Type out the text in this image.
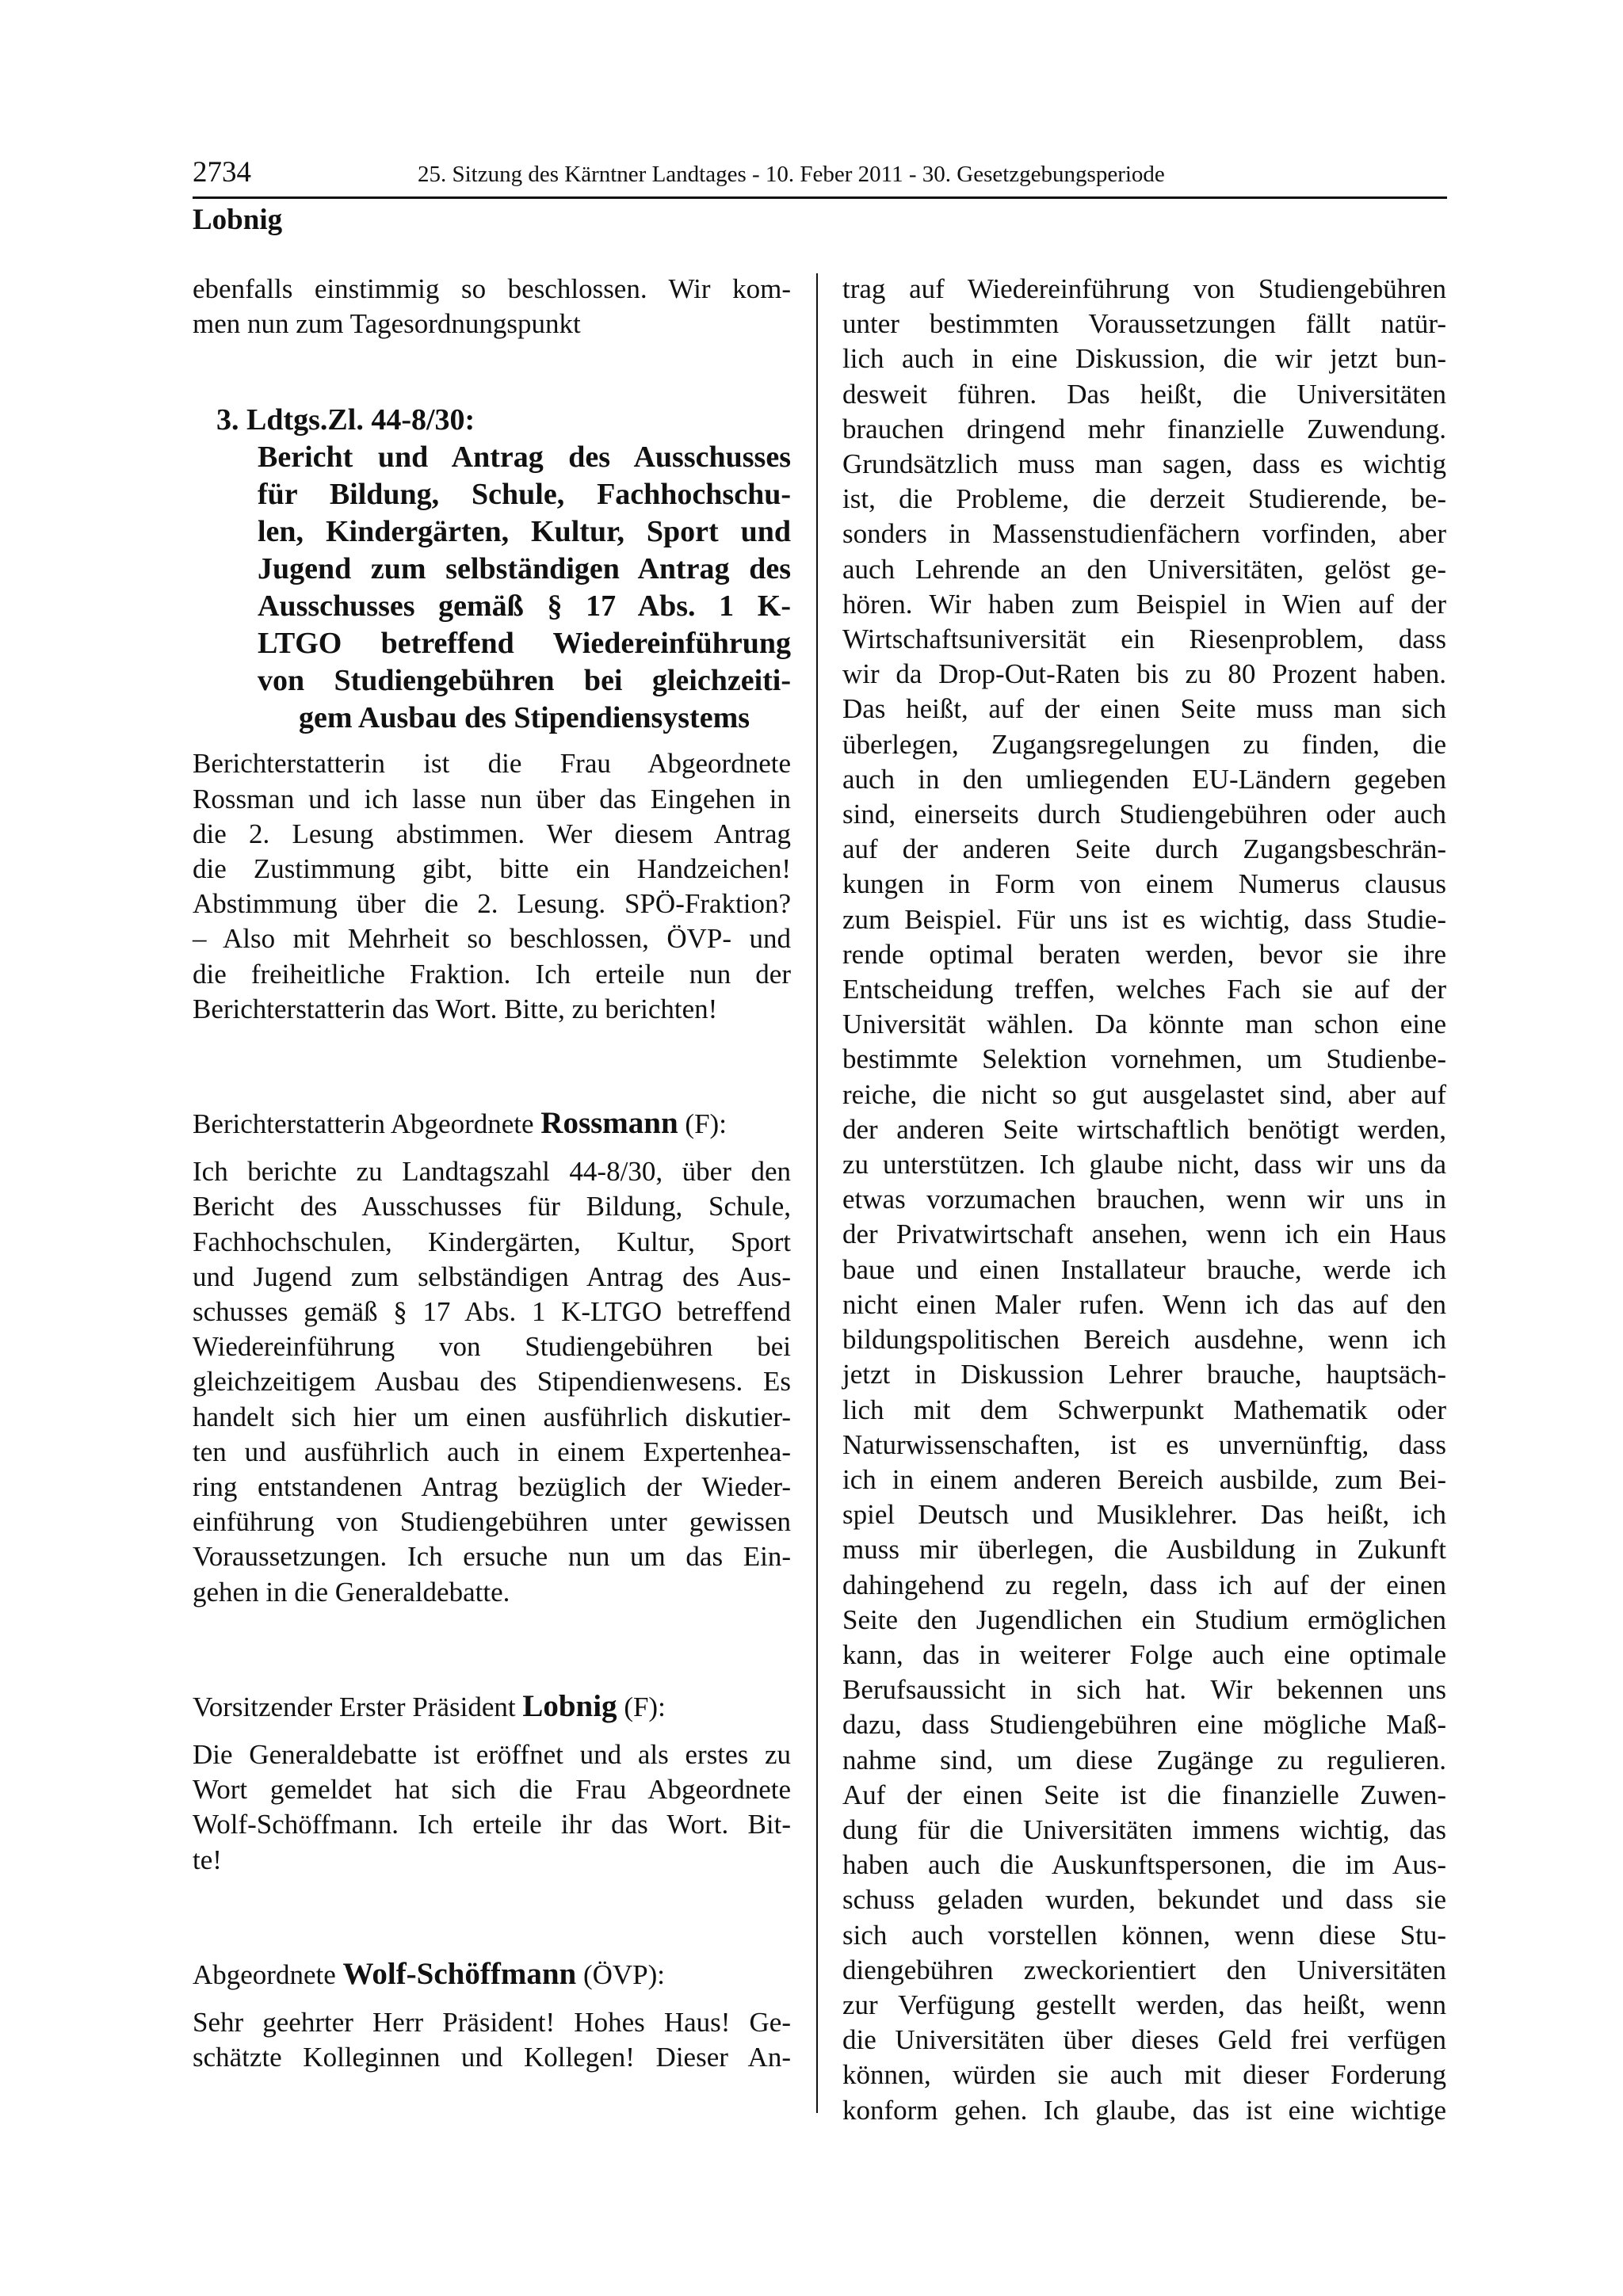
2734	25. Sitzung des Kärntner Landtages - 10. Feber 2011 - 30. Gesetzgebungsperiode
Lobnig

ebenfalls einstimmig so beschlossen. Wir kom-
men nun zum Tagesordnungspunkt

3. Ldtgs.Zl. 44-8/30:
Bericht und Antrag des Ausschusses
für Bildung, Schule, Fachhochschu-
len, Kindergärten, Kultur, Sport und
Jugend zum selbständigen Antrag des
Ausschusses gemäß § 17 Abs. 1 K-
LTGO betreffend Wiedereinführung
von Studiengebühren bei gleichzeiti-
gem Ausbau des Stipendiensystems

Berichterstatterin ist die Frau Abgeordnete
Rossman und ich lasse nun über das Eingehen in
die 2. Lesung abstimmen. Wer diesem Antrag
die Zustimmung gibt, bitte ein Handzeichen!
Abstimmung über die 2. Lesung. SPÖ-Fraktion?
– Also mit Mehrheit so beschlossen, ÖVP- und
die freiheitliche Fraktion. Ich erteile nun der
Berichterstatterin das Wort. Bitte, zu berichten!

Berichterstatterin Abgeordnete Rossmann (F):

Ich berichte zu Landtagszahl 44-8/30, über den
Bericht des Ausschusses für Bildung, Schule,
Fachhochschulen, Kindergärten, Kultur, Sport
und Jugend zum selbständigen Antrag des Aus-
schusses gemäß § 17 Abs. 1 K-LTGO betreffend
Wiedereinführung von Studiengebühren bei
gleichzeitigem Ausbau des Stipendienwesens. Es
handelt sich hier um einen ausführlich diskutier-
ten und ausführlich auch in einem Expertenhea-
ring entstandenen Antrag bezüglich der Wieder-
einführung von Studiengebühren unter gewissen
Voraussetzungen. Ich ersuche nun um das Ein-
gehen in die Generaldebatte.

Vorsitzender Erster Präsident Lobnig (F):

Die Generaldebatte ist eröffnet und als erstes zu
Wort gemeldet hat sich die Frau Abgeordnete
Wolf-Schöffmann. Ich erteile ihr das Wort. Bit-
te!

Abgeordnete Wolf-Schöffmann (ÖVP):

Sehr geehrter Herr Präsident! Hohes Haus! Ge-
schätzte Kolleginnen und Kollegen! Dieser An-

trag auf Wiedereinführung von Studiengebühren
unter bestimmten Voraussetzungen fällt natür-
lich auch in eine Diskussion, die wir jetzt bun-
desweit führen. Das heißt, die Universitäten
brauchen dringend mehr finanzielle Zuwendung.
Grundsätzlich muss man sagen, dass es wichtig
ist, die Probleme, die derzeit Studierende, be-
sonders in Massenstudienfächern vorfinden, aber
auch Lehrende an den Universitäten, gelöst ge-
hören. Wir haben zum Beispiel in Wien auf der
Wirtschaftsuniversität ein Riesenproblem, dass
wir da Drop-Out-Raten bis zu 80 Prozent haben.
Das heißt, auf der einen Seite muss man sich
überlegen, Zugangsregelungen zu finden, die
auch in den umliegenden EU-Ländern gegeben
sind, einerseits durch Studiengebühren oder auch
auf der anderen Seite durch Zugangsbeschrän-
kungen in Form von einem Numerus clausus
zum Beispiel. Für uns ist es wichtig, dass Studie-
rende optimal beraten werden, bevor sie ihre
Entscheidung treffen, welches Fach sie auf der
Universität wählen. Da könnte man schon eine
bestimmte Selektion vornehmen, um Studienbe-
reiche, die nicht so gut ausgelastet sind, aber auf
der anderen Seite wirtschaftlich benötigt werden,
zu unterstützen. Ich glaube nicht, dass wir uns da
etwas vorzumachen brauchen, wenn wir uns in
der Privatwirtschaft ansehen, wenn ich ein Haus
baue und einen Installateur brauche, werde ich
nicht einen Maler rufen. Wenn ich das auf den
bildungspolitischen Bereich ausdehne, wenn ich
jetzt in Diskussion Lehrer brauche, hauptsäch-
lich mit dem Schwerpunkt Mathematik oder
Naturwissenschaften, ist es unvernünftig, dass
ich in einem anderen Bereich ausbilde, zum Bei-
spiel Deutsch und Musiklehrer. Das heißt, ich
muss mir überlegen, die Ausbildung in Zukunft
dahingehend zu regeln, dass ich auf der einen
Seite den Jugendlichen ein Studium ermöglichen
kann, das in weiterer Folge auch eine optimale
Berufsaussicht in sich hat. Wir bekennen uns
dazu, dass Studiengebühren eine mögliche Maß-
nahme sind, um diese Zugänge zu regulieren.
Auf der einen Seite ist die finanzielle Zuwen-
dung für die Universitäten immens wichtig, das
haben auch die Auskunftspersonen, die im Aus-
schuss geladen wurden, bekundet und dass sie
sich auch vorstellen können, wenn diese Stu-
diengebühren zweckorientiert den Universitäten
zur Verfügung gestellt werden, das heißt, wenn
die Universitäten über dieses Geld frei verfügen
können, würden sie auch mit dieser Forderung
konform gehen. Ich glaube, das ist eine wichtige
